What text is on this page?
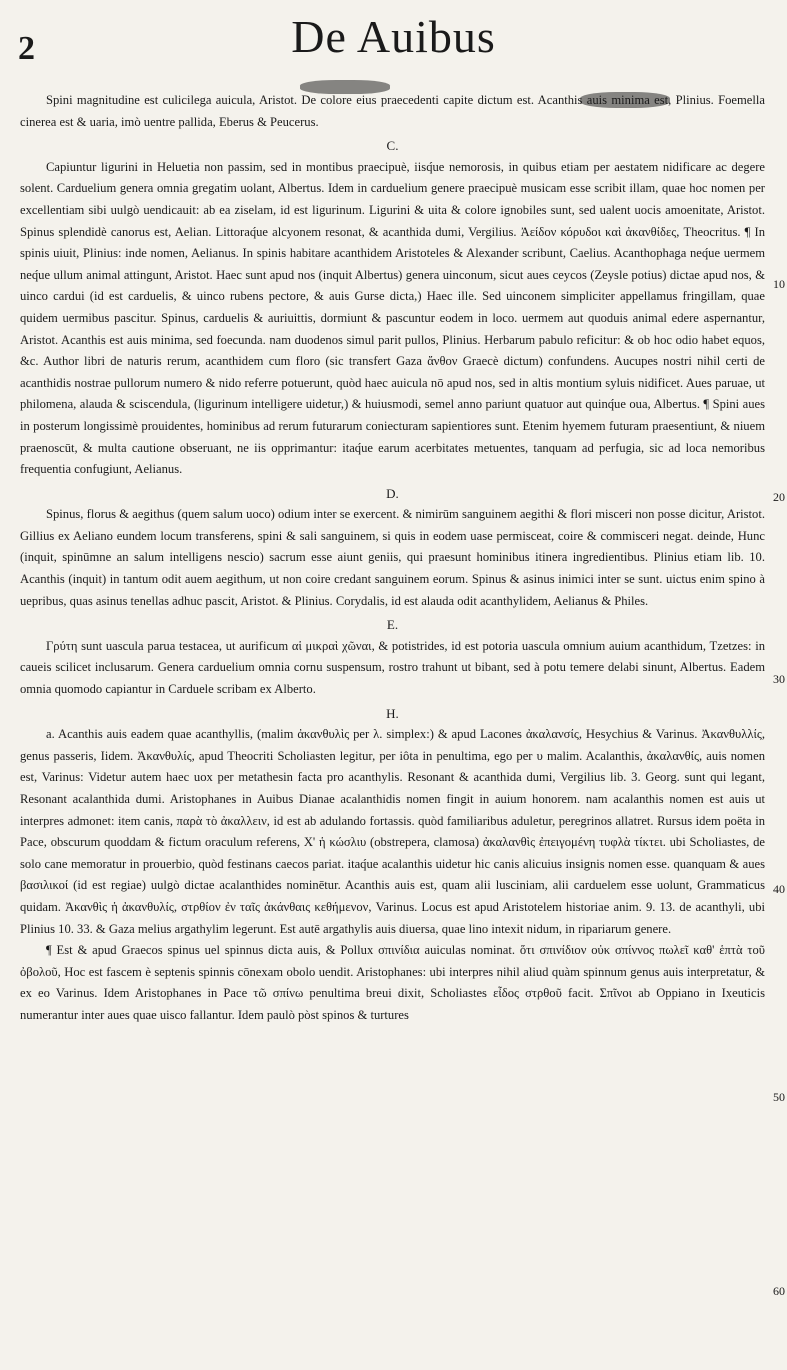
2	De Auibus

Spini magnitudine est culicilega auicula, Aristot. De colore eius praecedenti capite dictum est. Acanthis auis minima est, Plinius. Foemella cinerea est & uaria, imò uentre pallida, Eberus & Peucerus.

C.

Capiuntur ligurini in Heluetia non passim, sed in montibus praecipuè, iisq́ue nemorosis, in quibus etiam per aestatem nidificare ac degere solent. Carduelium genera omnia gregatim uolant, Albertus. Idem in carduelium genere praecipuè musicam esse scribit illam, quae hoc nomen per excellentiam sibi uulgò uendicauit: ab ea ziselam, id est ligurinum. Ligurini & uita & colore ignobiles sunt, sed ualent uocis amoenitate, Aristot. Spinus splendidè canorus est, Aelian. Littoraq́ue alcyonem resonat, & acanthida dumi, Vergilius. Ἀείδον κόρυδοι καὶ ἀκανθίδες, Theocritus. ¶ In spinis uiuit, Plinius: inde nomen, Aelianus. In spinis habitare acanthidem Aristoteles & Alexander scribunt, Caelius. Acanthophaga neq́ue uermem neq́ue ullum animal attingunt, Aristot. Haec sunt apud nos (inquit Albertus) genera uinconum, sicut aues ceycos (Zeysle potius) dictae apud nos, & uinco cardui (id est carduelis, & uinco rubens pectore, & auis Gurse dicta,) Haec ille. Sed uinconem simpliciter appellamus fringillam, quae quidem uermibus pascitur. Spinus, carduelis & auriuittis, dormiunt & pascuntur eodem in loco. uermem aut quoduis animal edere aspernantur, Aristot. Acanthis est auis minima, sed foecunda. nam duodenos simul parit pullos, Plinius. Herbarum pabulo reficitur: & ob hoc odio habet equos, &c. Author libri de naturis rerum, acanthidem cum floro (sic transfert Gaza ἄνθον Graecè dictum) confundens. Aucupes nostri nihil certi de acanthidis nostrae pullorum numero & nido referre potuerunt, quòd haec auicula nō apud nos, sed in altis montium syluis nidificet. Aues paruae, ut philomena, alauda & sciscendula, (ligurinum intelligere uidetur,) & huiusmodi, semel anno pariunt quatuor aut quinq́ue oua, Albertus. ¶ Spini aues in posterum longissimè prouidentes, hominibus ad rerum futurarum coniecturam sapientiores sunt. Etenim hyemem futuram praesentiunt, & niuem praenoscūt, & multa cautione obseruant, ne iis opprimantur: itaq́ue earum acerbitates metuentes, tanquam ad perfugia, sic ad loca nemoribus frequentia confugiunt, Aelianus.

D.

Spinus, florus & aegithus (quem salum uoco) odium inter se exercent. & nimirūm sanguinem aegithi & flori misceri non posse dicitur, Aristot. Gillius ex Aeliano eundem locum transferens, spini & sali sanguinem, si quis in eodem uase permisceat, coire & commisceri negat. deinde, Hunc (inquit, spinūmne an salum intelligens nescio) sacrum esse aiunt geniis, qui praesunt hominibus itinera ingredientibus. Plinius etiam lib. 10. Acanthis (inquit) in tantum odit auem aegithum, ut non coire credant sanguinem eorum. Spinus & asinus inimici inter se sunt. uictus enim spino à uepribus, quas asinus tenellas adhuc pascit, Aristot. & Plinius. Corydalis, id est alauda odit acanthylidem, Aelianus & Philes.

E.

Γρύτη sunt uascula parua testacea, ut aurificum αἱ μικραὶ χῶναι, & potistrides, id est potoria uascula omnium auium acanthidum, Tzetzes: in caueis scilicet inclusarum. Genera carduelium omnia cornu suspensum, rostro trahunt ut bibant, sed à potu temere delabi sinunt, Albertus. Eadem omnia quomodo capiantur in Carduele scribam ex Alberto.

H.

a. Acanthis auis eadem quae acanthyllis, (malim ἀκανθυλὶς per λ. simplex:) & apud Lacones ἀκαλανσίς, Hesychius & Varinus. Ἀκανθυλλίς, genus passeris, Iidem. Ἀκανθυλίς, apud Theocriti Scholiasten legitur, per iôta in penultima, ego per υ malim. Acalanthis, ἀκαλανθίς, auis nomen est, Varinus: Videtur autem haec uox per metathesin facta pro acanthylis. Resonant & acanthida dumi, Vergilius lib. 3. Georg. sunt qui legant, Resonant acalanthida dumi. Aristophanes in Auibus Dianae acalanthidis nomen fingit in auium honorem. nam acalanthis nomen est auis ut interpres admonet: item canis, παρὰ τὸ ἀκαλλειν, id est ab adulando fortassis. quòd familiaribus aduletur, peregrinos allatret. Rursus idem poëta in Pace, obscurum quoddam & fictum oraculum referens, Χ' ἡ κώσλιυ (obstrepera, clamosa) ἀκαλανθὶς ἐπειγομένη τυφλὰ τίκτει. ubi Scholiastes, de solo cane memoratur in prouerbio, quòd festinans caecos pariat. itaq́ue acalanthis uidetur hic canis alicuius insignis nomen esse. quanquam & aues βασιλικοί (id est regiae) uulgò dictae acalanthides nominētur. Acanthis auis est, quam alii lusciniam, alii carduelem esse uolunt, Grammaticus quidam. Ἀκανθὶς ἡ ἀκανθυλίς, στρθίον ἐν ταῖς ἀκάνθαις κεθήμενον, Varinus. Locus est apud Aristotelem historiae anim. 9. 13. de acanthyli, ubi Plinius 10. 33. & Gaza melius argathylim legerunt. Est autē argathylis auis diuersa, quae lino intexit nidum, in ripariarum genere.

¶ Est & apud Graecos spinus uel spinnus dicta auis, & Pollux σπινίδια auiculas nominat. ὅτι σπινίδιον οὐκ σπίννος πωλεῖ καθ' ἑπτὰ τοῦ ὀβολοῦ, Hoc est fascem è septenis spinnis cōnexam obolo uendit. Aristophanes: ubi interpres nihil aliud quàm spinnum genus auis interpretatur, & ex eo Varinus. Idem Aristophanes in Pace τῶ σπίνω penultima breui dixit, Scholiastes εἶδος στρθοῦ facit. Σπῖνοι ab Oppiano in Ixeuticis numerantur inter aues quae uisco fallantur. Idem paulò pòst spinos & turtures

10
20
30
40
50
60
